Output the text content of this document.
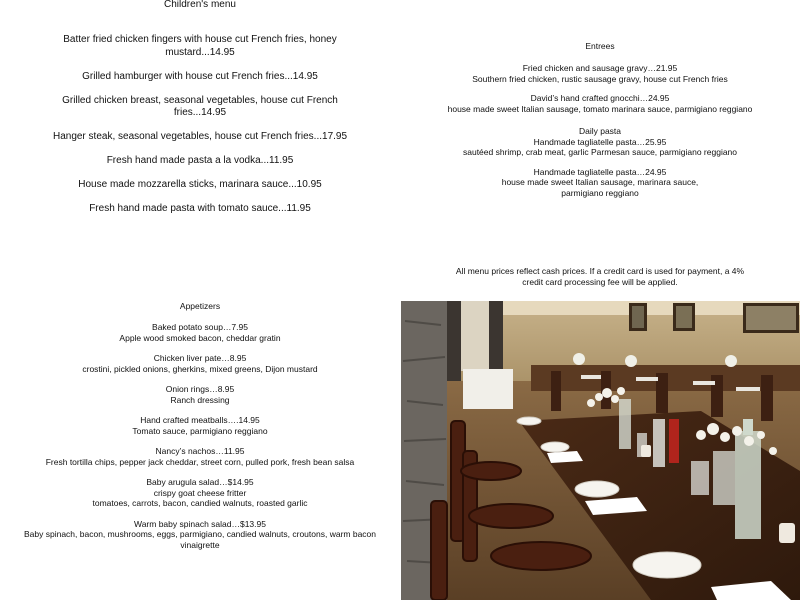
Children's menu
Batter fried chicken fingers with house cut French fries, honey mustard...14.95
Grilled hamburger with house cut French fries...14.95
Grilled chicken breast, seasonal vegetables, house cut French fries...14.95
Hanger steak, seasonal vegetables, house cut French fries...17.95
Fresh hand made pasta a la vodka...11.95
House made mozzarella sticks, marinara sauce...10.95
Fresh hand made pasta with tomato sauce...11.95
Entrees
Fried chicken and sausage gravy…21.95
Southern fried chicken, rustic sausage gravy, house cut French fries
David’s hand crafted gnocchi…24.95
house made sweet Italian sausage, tomato marinara sauce, parmigiano reggiano
Daily pasta
Handmade tagliatelle pasta…25.95
sautéed shrimp, crab meat, garlic Parmesan sauce, parmigiano reggiano
Handmade tagliatelle pasta…24.95
house made sweet Italian sausage, marinara sauce, parmigiano reggiano
All menu prices reflect cash prices. If a credit card is used for payment, a 4% credit card processing fee will be applied.
Appetizers
Baked potato soup…7.95
Apple wood smoked bacon, cheddar gratin
Chicken liver pate…8.95
crostini, pickled onions, gherkins, mixed greens, Dijon mustard
Onion rings…8.95
Ranch dressing
Hand crafted meatballs….14.95
Tomato sauce, parmigiano reggiano
Nancy’s nachos…11.95
Fresh tortilla chips, pepper jack cheddar, street corn, pulled pork, fresh bean salsa
Baby arugula salad…$14.95
crispy goat cheese fritter
tomatoes, carrots, bacon, candied walnuts, roasted garlic
Warm baby spinach salad…$13.95
Baby spinach, bacon, mushrooms, eggs, parmigiano, candied walnuts, croutons, warm bacon vinaigrette
